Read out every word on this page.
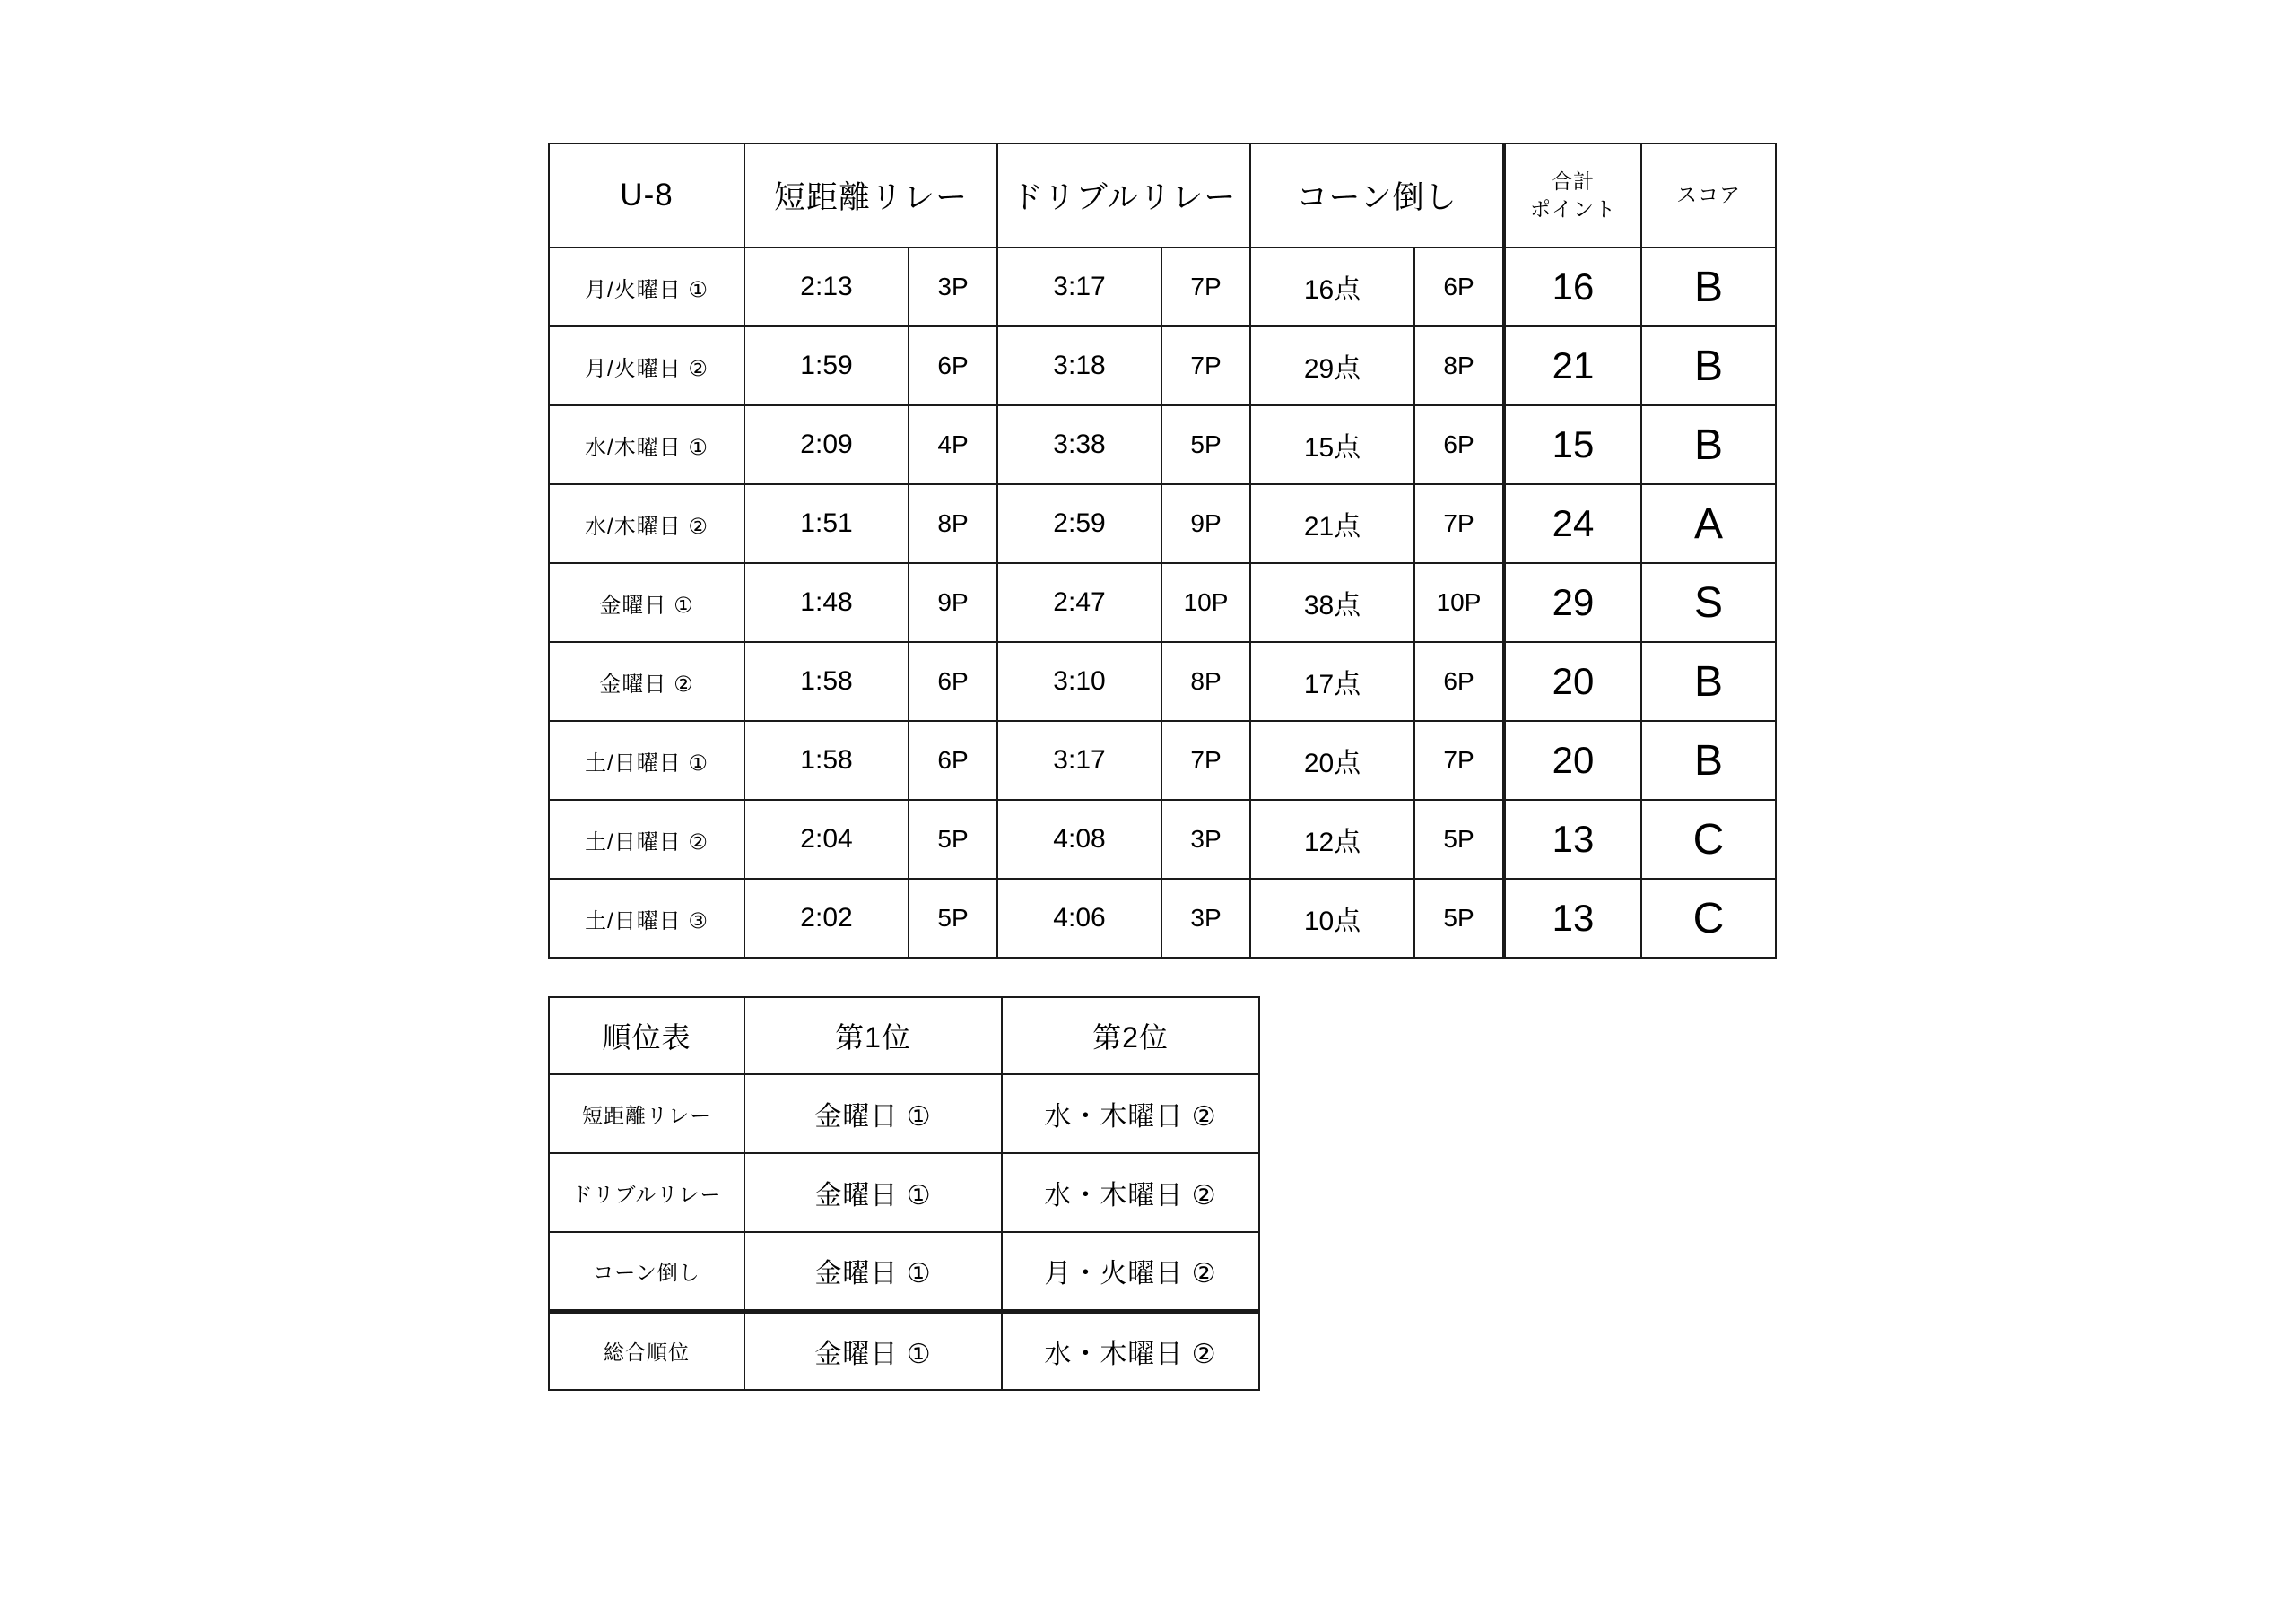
U-8	短距離リレー		ドリブルリレー		コーン倒し		合計
ポイント	スコア
月/火曜日 ①	2:13	3P	3:17	7P	16点	6P	16	B
月/火曜日 ②	1:59	6P	3:18	7P	29点	8P	21	B
水/木曜日 ①	2:09	4P	3:38	5P	15点	6P	15	B
水/木曜日 ②	1:51	8P	2:59	9P	21点	7P	24	A
金曜日 ①	1:48	9P	2:47	10P	38点	10P	29	S
金曜日 ②	1:58	6P	3:10	8P	17点	6P	20	B
土/日曜日 ①	1:58	6P	3:17	7P	20点	7P	20	B
土/日曜日 ②	2:04	5P	4:08	3P	12点	5P	13	C
土/日曜日 ③	2:02	5P	4:06	3P	10点	5P	13	C
順位表	第1位	第2位
短距離リレー	金曜日 ①	水・木曜日 ②
ドリブルリレー	金曜日 ①	水・木曜日 ②
コーン倒し	金曜日 ①	月・火曜日 ②
総合順位	金曜日 ①	水・木曜日 ②
